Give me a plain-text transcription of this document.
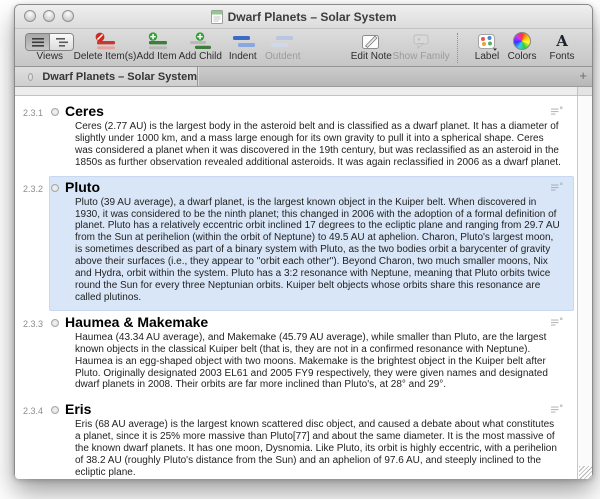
Dwarf Planets – Solar System
Views Delete Item(s) Add Item Add Child Indent Outdent	Edit Note Show Family	Label Colors
A
Fonts
Dwarf Planets – Solar System	+
2.3.1	Ceres
Ceres (2.77 AU) is the largest body in the asteroid belt and is classified as a dwarf planet. It has a diameter of slightly under 1000 km, and a mass large enough for its own gravity to pull it into a spherical shape. Ceres was considered a planet when it was discovered in the 19th century, but was reclassified as an asteroid in the 1850s as further observation revealed additional asteroids. It was again reclassified in 2006 as a dwarf planet.
2.3.2	Pluto
Pluto (39 AU average), a dwarf planet, is the largest known object in the Kuiper belt. When discovered in 1930, it was considered to be the ninth planet; this changed in 2006 with the adoption of a formal definition of planet. Pluto has a relatively eccentric orbit inclined 17 degrees to the ecliptic plane and ranging from 29.7 AU from the Sun at perihelion (within the orbit of Neptune) to 49.5 AU at aphelion. Charon, Pluto's largest moon, is sometimes described as part of a binary system with Pluto, as the two bodies orbit a barycenter of gravity above their surfaces (i.e., they appear to "orbit each other"). Beyond Charon, two much smaller moons, Nix and Hydra, orbit within the system. Pluto has a 3:2 resonance with Neptune, meaning that Pluto orbits twice round the Sun for every three Neptunian orbits. Kuiper belt objects whose orbits share this resonance are called plutinos.
2.3.3	Haumea & Makemake
Haumea (43.34 AU average), and Makemake (45.79 AU average), while smaller than Pluto, are the largest known objects in the classical Kuiper belt (that is, they are not in a confirmed resonance with Neptune). Haumea is an egg-shaped object with two moons. Makemake is the brightest object in the Kuiper belt after Pluto. Originally designated 2003 EL61 and 2005 FY9 respectively, they were given names and designated dwarf planets in 2008. Their orbits are far more inclined than Pluto's, at 28° and 29°.
2.3.4	Eris
Eris (68 AU average) is the largest known scattered disc object, and caused a debate about what constitutes a planet, since it is 25% more massive than Pluto[77] and about the same diameter. It is the most massive of the known dwarf planets. It has one moon, Dysnomia. Like Pluto, its orbit is highly eccentric, with a perihelion of 38.2 AU (roughly Pluto's distance from the Sun) and an aphelion of 97.6 AU, and steeply inclined to the ecliptic plane.
